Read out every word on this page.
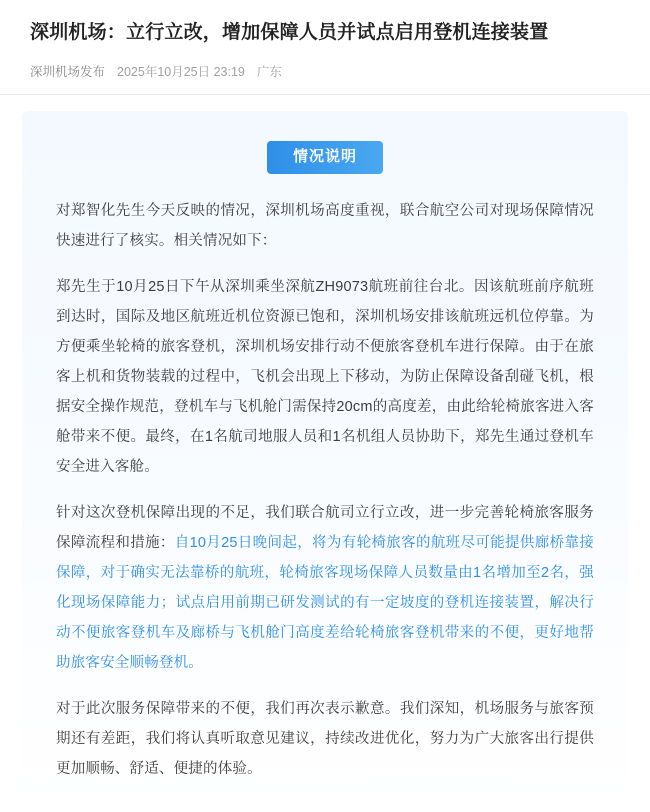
深圳机场：立行立改，增加保障人员并试点启用登机连接装置
深圳机场发布 2025年10月25日 23:19 广东
情况说明

对郑智化先生今天反映的情况，深圳机场高度重视，联合航空公司对现场保障情况快速进行了核实。相关情况如下：

郑先生于10月25日下午从深圳乘坐深航ZH9073航班前往台北。因该航班前序航班到达时，国际及地区航班近机位资源已饱和，深圳机场安排该航班远机位停靠。为方便乘坐轮椅的旅客登机，深圳机场安排行动不便旅客登机车进行保障。由于在旅客上机和货物装载的过程中，飞机会出现上下移动，为防止保障设备刮碰飞机，根据安全操作规范，登机车与飞机舱门需保持20cm的高度差，由此给轮椅旅客进入客舱带来不便。最终，在1名航司地服人员和1名机组人员协助下，郑先生通过登机车安全进入客舱。

针对这次登机保障出现的不足，我们联合航司立行立改，进一步完善轮椅旅客服务保障流程和措施：自10月25日晚间起，将为有轮椅旅客的航班尽可能提供廊桥靠接保障，对于确实无法靠桥的航班，轮椅旅客现场保障人员数量由1名增加至2名，强化现场保障能力；试点启用前期已研发测试的有一定坡度的登机连接装置，解决行动不便旅客登机车及廊桥与飞机舱门高度差给轮椅旅客登机带来的不便，更好地帮助旅客安全顺畅登机。

对于此次服务保障带来的不便，我们再次表示歉意。我们深知，机场服务与旅客预期还有差距，我们将认真听取意见建议，持续改进优化，努力为广大旅客出行提供更加顺畅、舒适、便捷的体验。
